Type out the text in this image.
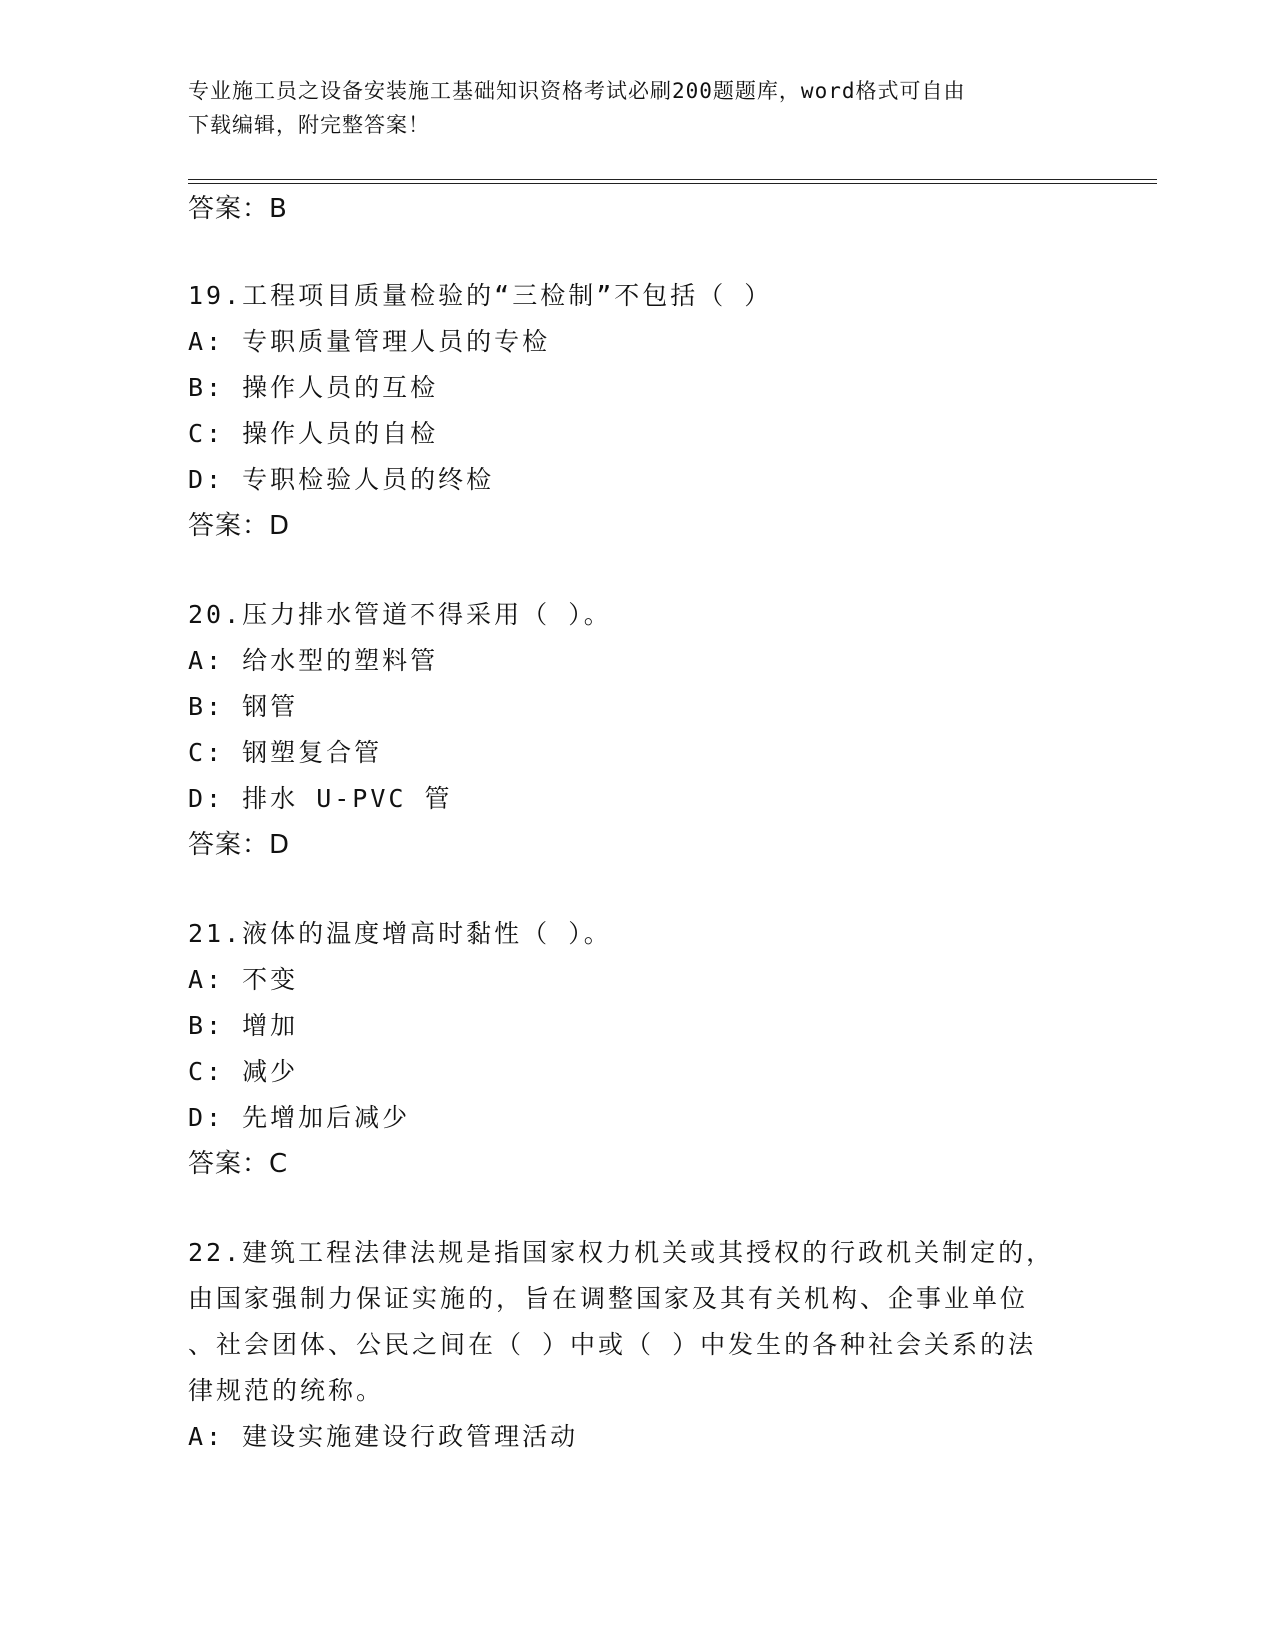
专业施工员之设备安装施工基础知识资格考试必刷200题题库，word格式可自由
下载编辑，附完整答案！
答案：B
19.工程项目质量检验的“三检制”不包括（ ）
A: 专职质量管理人员的专检
B: 操作人员的互检
C: 操作人员的自检
D: 专职检验人员的终检
答案：D
20.压力排水管道不得采用（ ）。
A: 给水型的塑料管
B: 钢管
C: 钢塑复合管
D: 排水 U-PVC 管
答案：D
21.液体的温度增高时黏性（ ）。
A: 不变
B: 增加
C: 减少
D: 先增加后减少
答案：C
22.建筑工程法律法规是指国家权力机关或其授权的行政机关制定的，
由国家强制力保证实施的，旨在调整国家及其有关机构、企事业单位
、社会团体、公民之间在（ ）中或（ ）中发生的各种社会关系的法
律规范的统称。
A: 建设实施建设行政管理活动
